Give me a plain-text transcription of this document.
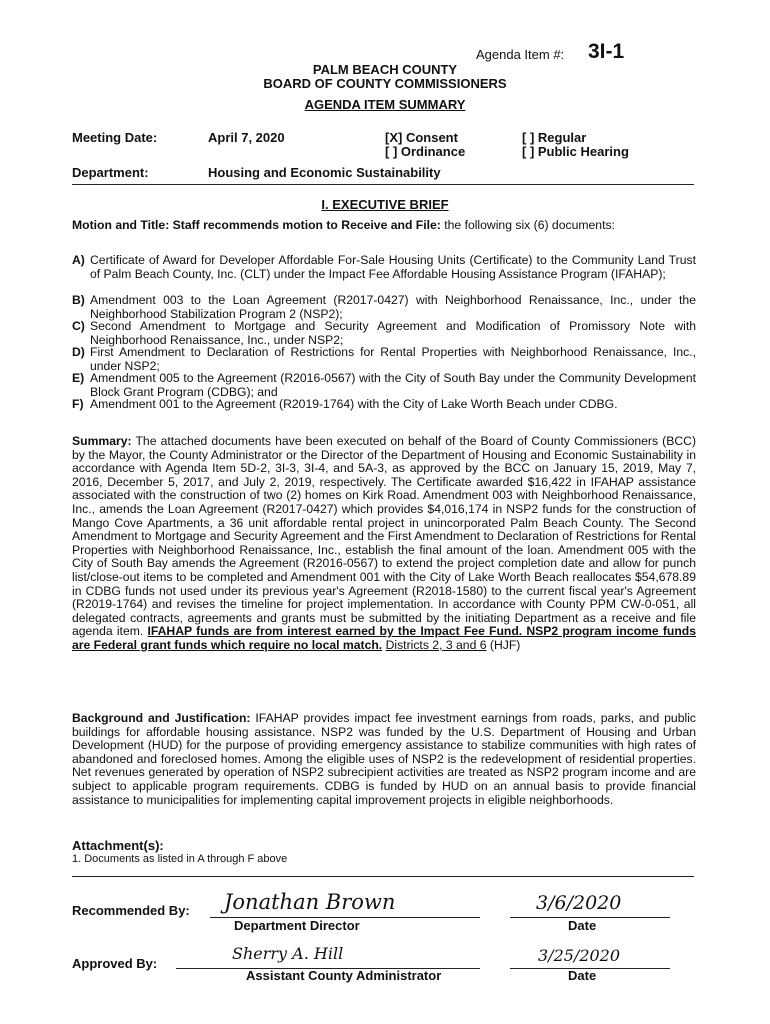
Agenda Item #: 3I-1
PALM BEACH COUNTY
BOARD OF COUNTY COMMISSIONERS
AGENDA ITEM SUMMARY
Meeting Date:	April 7, 2020	[X] Consent
[ ] Ordinance
[ ] Regular
[ ] Public Hearing
Department:	Housing and Economic Sustainability
I. EXECUTIVE BRIEF

Motion and Title: Staff recommends motion to Receive and File: the following six (6) documents:

A) Certificate of Award for Developer Affordable For-Sale Housing Units (Certificate) to the Community Land Trust of Palm Beach County, Inc. (CLT) under the Impact Fee Affordable Housing Assistance Program (IFAHAP);
B) Amendment 003 to the Loan Agreement (R2017-0427) with Neighborhood Renaissance, Inc., under the Neighborhood Stabilization Program 2 (NSP2);
C) Second Amendment to Mortgage and Security Agreement and Modification of Promissory Note with Neighborhood Renaissance, Inc., under NSP2;
D) First Amendment to Declaration of Restrictions for Rental Properties with Neighborhood Renaissance, Inc., under NSP2;
E) Amendment 005 to the Agreement (R2016-0567) with the City of South Bay under the Community Development Block Grant Program (CDBG); and
F) Amendment 001 to the Agreement (R2019-1764) with the City of Lake Worth Beach under CDBG.

Summary: The attached documents have been executed on behalf of the Board of County Commissioners (BCC) by the Mayor, the County Administrator or the Director of the Department of Housing and Economic Sustainability in accordance with Agenda Item 5D-2, 3I-3, 3I-4, and 5A-3, as approved by the BCC on January 15, 2019, May 7, 2016, December 5, 2017, and July 2, 2019, respectively. The Certificate awarded $16,422 in IFAHAP assistance associated with the construction of two (2) homes on Kirk Road. Amendment 003 with Neighborhood Renaissance, Inc., amends the Loan Agreement (R2017-0427) which provides $4,016,174 in NSP2 funds for the construction of Mango Cove Apartments, a 36 unit affordable rental project in unincorporated Palm Beach County. The Second Amendment to Mortgage and Security Agreement and the First Amendment to Declaration of Restrictions for Rental Properties with Neighborhood Renaissance, Inc., establish the final amount of the loan. Amendment 005 with the City of South Bay amends the Agreement (R2016-0567) to extend the project completion date and allow for punch list/close-out items to be completed and Amendment 001 with the City of Lake Worth Beach reallocates $54,678.89 in CDBG funds not used under its previous year's Agreement (R2018-1580) to the current fiscal year's Agreement (R2019-1764) and revises the timeline for project implementation. In accordance with County PPM CW-0-051, all delegated contracts, agreements and grants must be submitted by the initiating Department as a receive and file agenda item. IFAHAP funds are from interest earned by the Impact Fee Fund. NSP2 program income funds are Federal grant funds which require no local match. Districts 2, 3 and 6 (HJF)

Background and Justification: IFAHAP provides impact fee investment earnings from roads, parks, and public buildings for affordable housing assistance. NSP2 was funded by the U.S. Department of Housing and Urban Development (HUD) for the purpose of providing emergency assistance to stabilize communities with high rates of abandoned and foreclosed homes. Among the eligible uses of NSP2 is the redevelopment of residential properties. Net revenues generated by operation of NSP2 subrecipient activities are treated as NSP2 program income and are subject to applicable program requirements. CDBG is funded by HUD on an annual basis to provide financial assistance to municipalities for implementing capital improvement projects in eligible neighborhoods.

Attachment(s):
1. Documents as listed in A through F above
Recommended By: Jonathan Brown
Department Director
3/6/2020
Date
Approved By:
Sherry A. Hill
Assistant County Administrator
3/25/2020
Date
